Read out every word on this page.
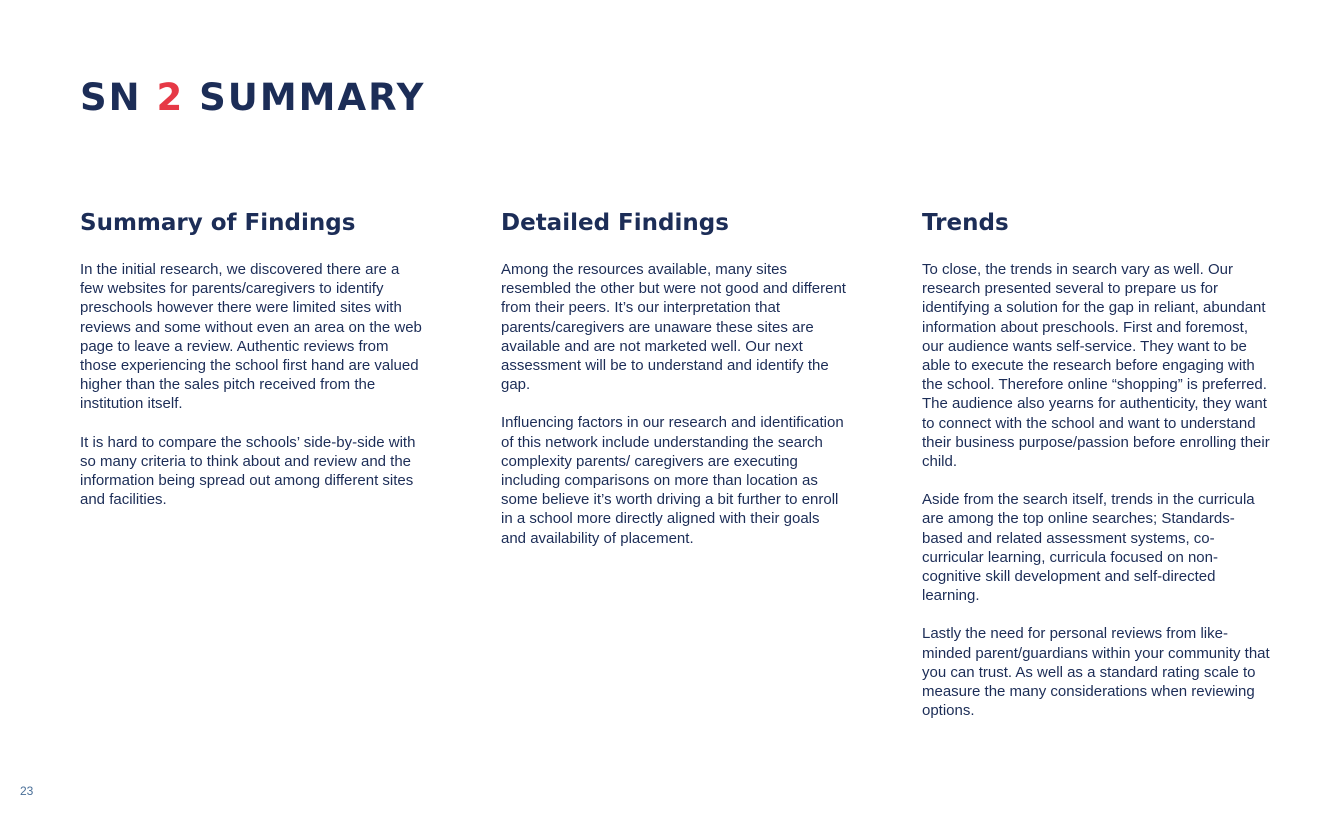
SN 2 SUMMARY
Summary of Findings

In the initial research, we discovered there are a few websites for parents/caregivers to identify preschools however there were limited sites with reviews and some without even an area on the web page to leave a review. Authentic reviews from those experiencing the school first hand are valued higher than the sales pitch received from the institution itself.

It is hard to compare the schools’ side-by-side with so many criteria to think about and review and the information being spread out among different sites and facilities.

Detailed Findings

Among the resources available, many sites resembled the other but were not good and different from their peers. It’s our interpretation that parents/caregivers are unaware these sites are available and are not marketed well. Our next assessment will be to understand and identify the gap.

Influencing factors in our research and identification of this network include understanding the search complexity parents/ caregivers are executing including comparisons on more than location as some believe it’s worth driving a bit further to enroll in a school more directly aligned with their goals and availability of placement.

Trends

To close, the trends in search vary as well. Our research presented several to prepare us for identifying a solution for the gap in reliant, abundant information about preschools. First and foremost, our audience wants self-service. They want to be able to execute the research before engaging with the school. Therefore online “shopping” is preferred. The audience also yearns for authenticity, they want to connect with the school and want to understand their business purpose/passion before enrolling their child.

Aside from the search itself, trends in the curricula are among the top online searches; Standards-based and related assessment systems, co-curricular learning, curricula focused on non-cognitive skill development and self-directed learning.

Lastly the need for personal reviews from like-minded parent/guardians within your community that you can trust. As well as a standard rating scale to measure the many considerations when reviewing options.

23
